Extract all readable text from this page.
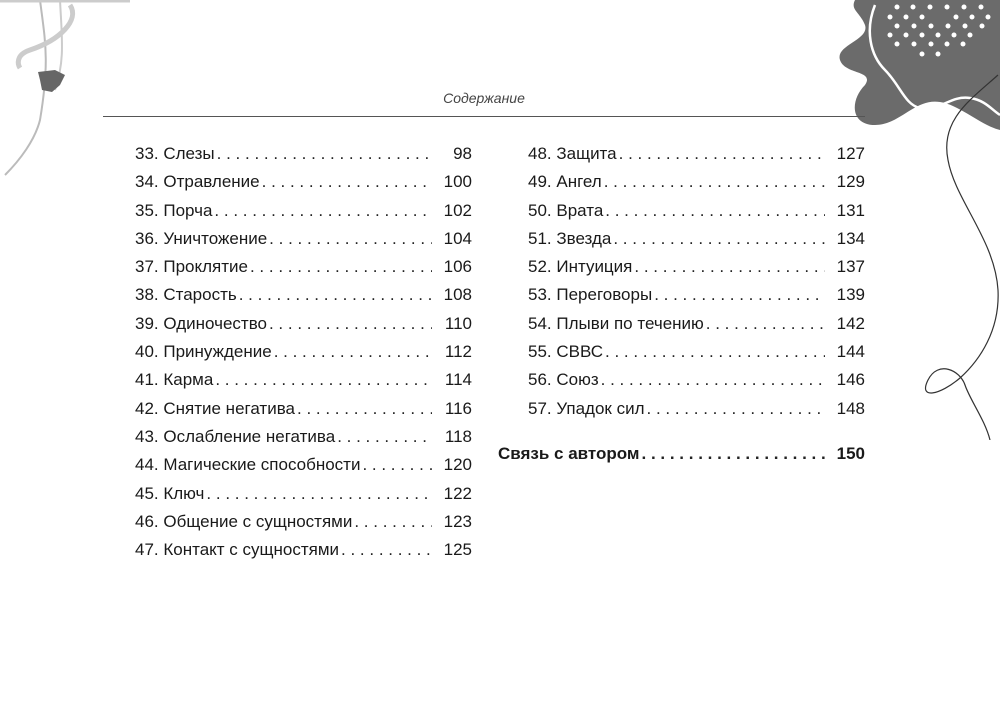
Содержание
33. Слезы . . .	98
34. Отравление . . .	100
35. Порча . . .	102
36. Уничтожение . . .	104
37. Проклятие . . .	106
38. Старость . . .	108
39. Одиночество . . .	110
40. Принуждение . . .	112
41. Карма . . .	114
42. Снятие негатива . . .	116
43. Ослабление негатива . . .	118
44. Магические способности . . .	120
45. Ключ . . .	122
46. Общение с сущностями . . .	123
47. Контакт с сущностями . . .	125
48. Защита . . .	127
49. Ангел . . .	129
50. Врата . . .	131
51. Звезда . . .	134
52. Интуиция . . .	137
53. Переговоры . . .	139
54. Плыви по течению . . .	142
55. СВВС . . .	144
56. Союз . . .	146
57. Упадок сил . . .	148
Связь с автором . . .	150
